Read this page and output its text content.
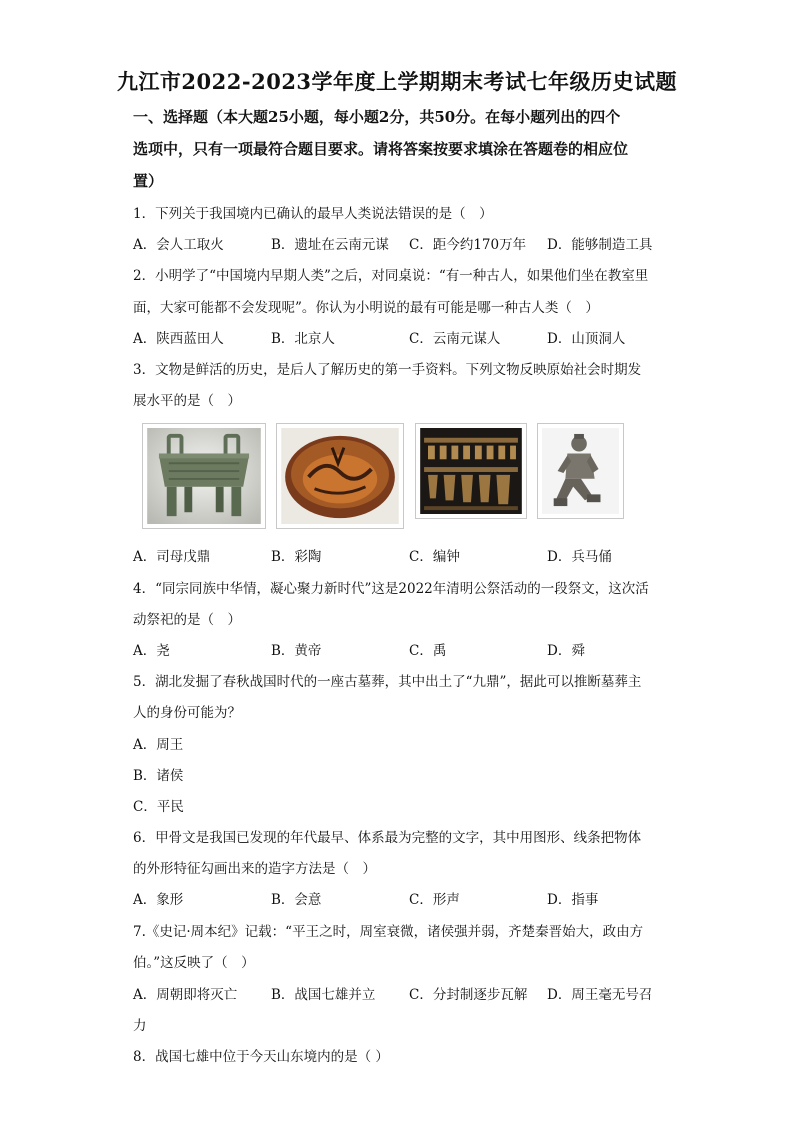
九江市2022-2023学年度上学期期末考试七年级历史试题
一、选择题（本大题25小题，每小题2分，共50分。在每小题列出的四个
选项中，只有一项最符合题目要求。请将答案按要求填涂在答题卷的相应位
置）
1．下列关于我国境内已确认的最早人类说法错误的是（　）
A．会人工取火	B．遗址在云南元谋 C．距今约170万年 D．能够制造工具
2．小明学了“中国境内早期人类”之后，对同桌说：“有一种古人，如果他们坐在教室里
面，大家可能都不会发现呢”。你认为小明说的最有可能是哪一种古人类（　）
A．陕西蓝田人	B．北京人	C．云南元谋人	D．山顶洞人
3．文物是鲜活的历史，是后人了解历史的第一手资料。下列文物反映原始社会时期发
展水平的是（　）
A．司母戊鼎	B．彩陶	C．编钟	D．兵马俑
4．“同宗同族中华情，凝心聚力新时代”这是2022年清明公祭活动的一段祭文，这次活
动祭祀的是（　）
A．尧	B．黄帝	C．禹	D．舜
5．湖北发掘了春秋战国时代的一座古墓葬，其中出土了“九鼎”，据此可以推断墓葬主
人的身份可能为？
A．周王
B．诸侯
C．平民
6．甲骨文是我国已发现的年代最早、体系最为完整的文字，其中用图形、线条把物体
的外形特征勾画出来的造字方法是（　）
A．象形	B．会意	C．形声	D．指事
7.《史记·周本纪》记载：“平王之时，周室衰微，诸侯强并弱，齐楚秦晋始大，政由方
伯。”这反映了（　）
A．周朝即将灭亡	B．战国七雄并立 C．分封制逐步瓦解 D．周王毫无号召
力
8．战国七雄中位于今天山东境内的是（ ）
